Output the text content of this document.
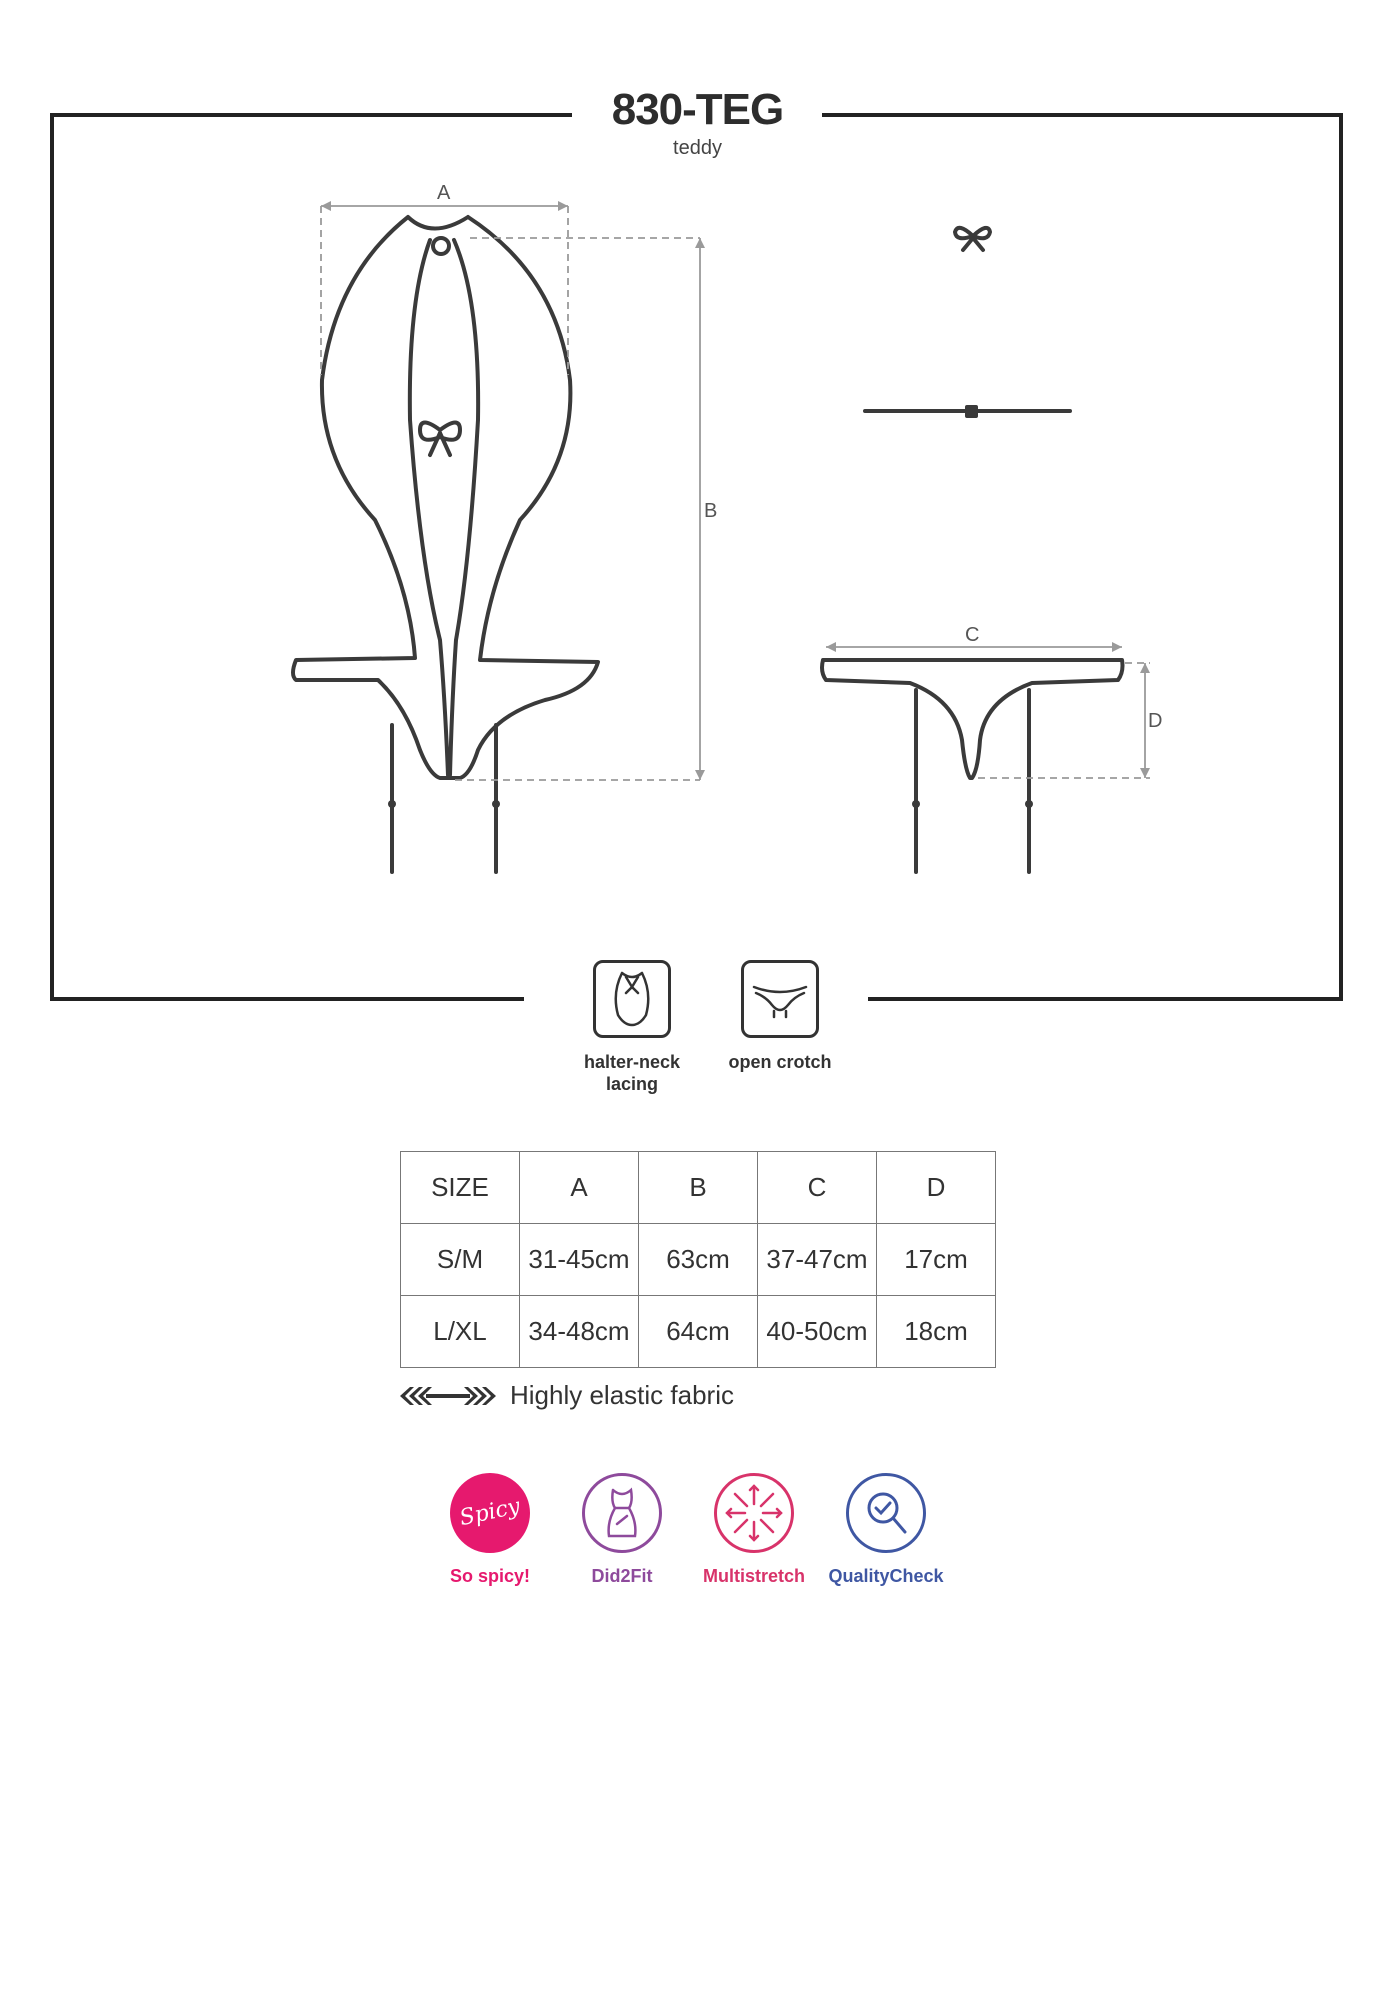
830-TEG
teddy
A
B
C
D
halter-neck
lacing
open crotch
SIZE	A	B	C	D
S/M	31-45cm	63cm	37-47cm	17cm
L/XL	34-48cm	64cm	40-50cm	18cm
Highly elastic fabric
Spicy
So spicy!	Did2Fit	Multistretch	QualityCheck
